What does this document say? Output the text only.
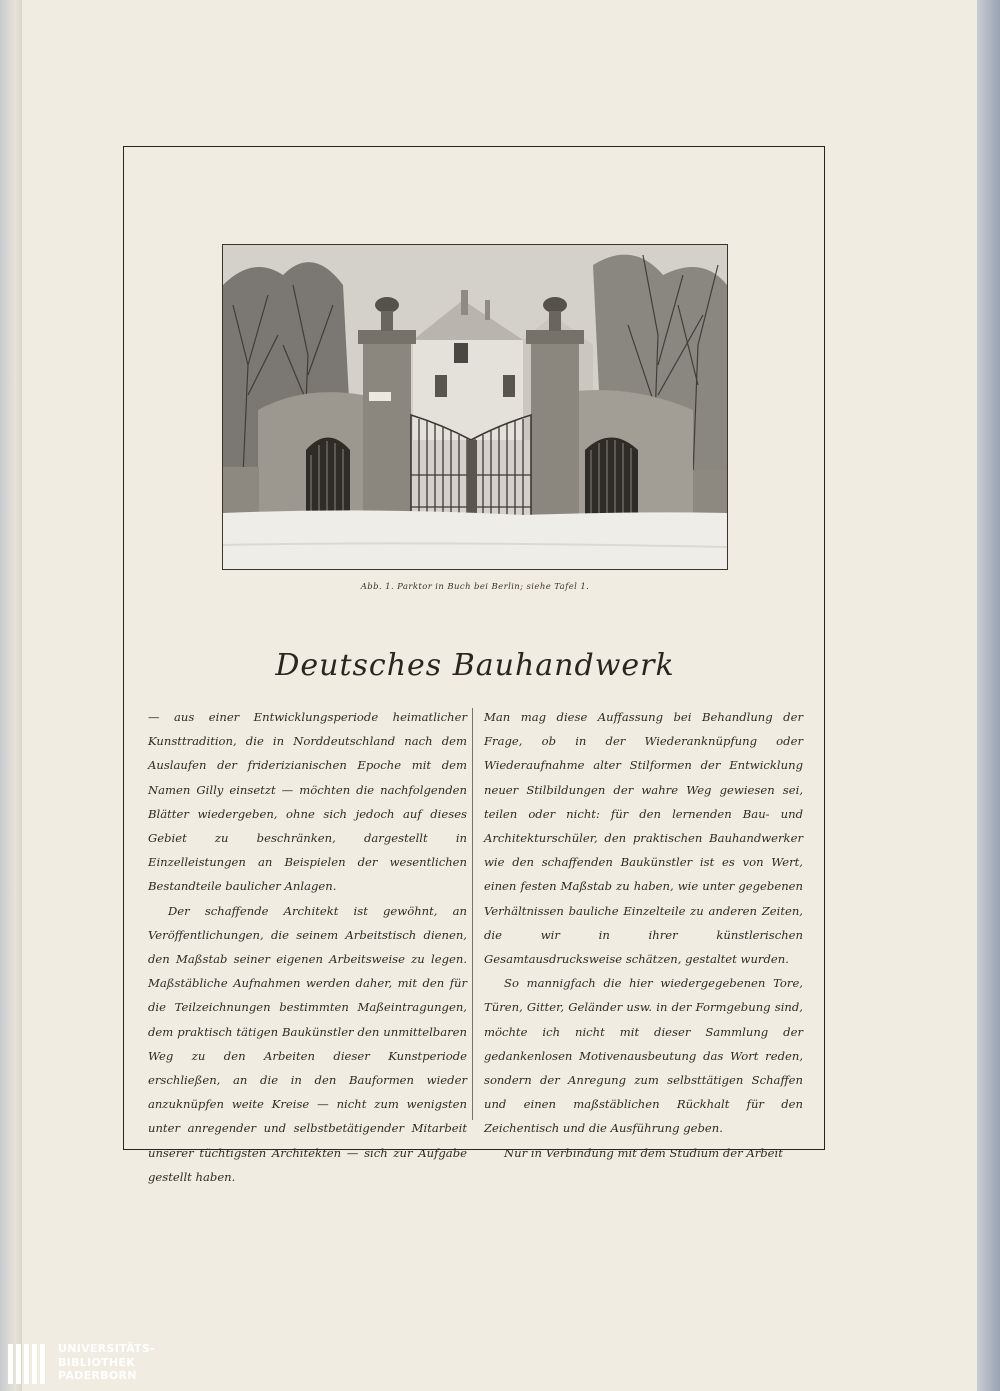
Abb. 1. Parktor in Buch bei Berlin; siehe Tafel 1.
Deutsches Bauhandwerk

— aus einer Entwicklungsperiode heimatlicher Kunsttradition, die in Norddeutschland nach dem Auslaufen der friderizianischen Epoche mit dem Namen Gilly einsetzt — möchten die nachfolgenden Blätter wiedergeben, ohne sich jedoch auf dieses Gebiet zu beschränken, dargestellt in Einzelleistungen an Beispielen der wesentlichen Bestandteile baulicher Anlagen.

Der schaffende Architekt ist gewöhnt, an Veröffentlichungen, die seinem Arbeitstisch dienen, den Maßstab seiner eigenen Arbeitsweise zu legen. Maßstäbliche Aufnahmen werden daher, mit den für die Teilzeichnungen bestimmten Maßeintragungen, dem praktisch tätigen Baukünstler den unmittelbaren Weg zu den Arbeiten dieser Kunstperiode erschließen, an die in den Bauformen wieder anzuknüpfen weite Kreise — nicht zum wenigsten unter anregender und selbstbetätigender Mitarbeit unserer tüchtigsten Architekten — sich zur Aufgabe gestellt haben.

Man mag diese Auffassung bei Behandlung der Frage, ob in der Wiederanknüpfung oder Wiederaufnahme alter Stilformen der Entwicklung neuer Stilbildungen der wahre Weg gewiesen sei, teilen oder nicht: für den lernenden Bau- und Architekturschüler, den praktischen Bauhandwerker wie den schaffenden Baukünstler ist es von Wert, einen festen Maßstab zu haben, wie unter gegebenen Verhältnissen bauliche Einzelteile zu anderen Zeiten, die wir in ihrer künstlerischen Gesamtausdrucksweise schätzen, gestaltet wurden.

So mannigfach die hier wiedergegebenen Tore, Türen, Gitter, Geländer usw. in der Formgebung sind, möchte ich nicht mit dieser Sammlung der gedankenlosen Motivenausbeutung das Wort reden, sondern der Anregung zum selbsttätigen Schaffen und einen maßstäblichen Rückhalt für den Zeichentisch und die Ausführung geben.

Nur in Verbindung mit dem Studium der Arbeit

UNIVERSITÄTS-
BIBLIOTHEK
PADERBORN
